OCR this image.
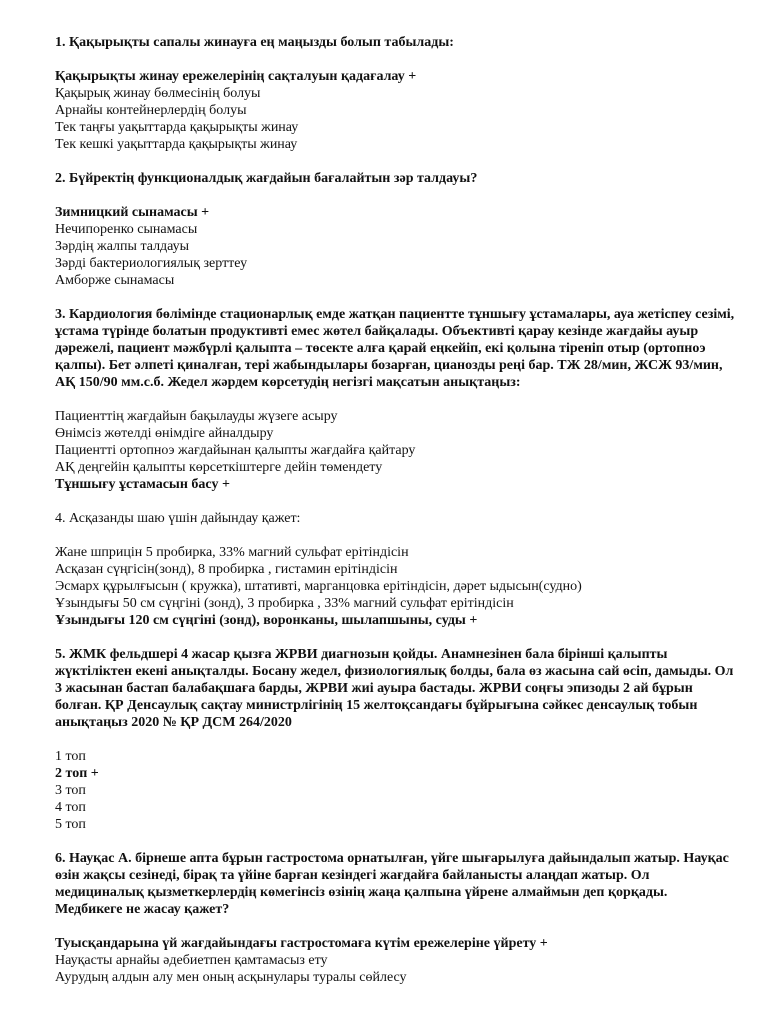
1. Қақырықты сапалы жинауға ең маңызды болып табылады:
Қақырықты жинау ережелерінің сақталуын қадағалау +
Қақырық жинау бөлмесінің болуы
Арнайы контейнерлердің болуы
Тек таңғы уақыттарда қақырықты жинау
Тек кешкі уақыттарда қақырықты жинау
2. Бүйректің функционалдық жағдайын бағалайтын зәр талдауы?
Зимницкий сынамасы +
Нечипоренко сынамасы
Зәрдің жалпы талдауы
Зәрді бактериологиялық зерттеу
Амборже сынамасы
3. Кардиология бөлімінде стационарлық емде жатқан пациентте тұншығу ұстамалары, ауа жетіспеу сезімі, ұстама түрінде болатын продуктивті емес жөтел байқалады. Объективті қарау кезінде жағдайы ауыр дәрежелі, пациент мәжбүрлі қалыпта – төсекте алға қарай еңкейіп, екі қолына тіреніп отыр (ортопноэ қалпы). Бет әлпеті қиналған, тері жабындылары бозарған, цианозды реңі бар. ТЖ 28/мин, ЖСЖ 93/мин, АҚ 150/90 мм.с.б. Жедел жәрдем көрсетудің негізгі мақсатын анықтаңыз:
Пациенттің жағдайын бақылауды жүзеге асыру
Өнімсіз жөтелді өнімдіге айналдыру
Пациентті ортопноэ жағдайынан қалыпты жағдайға қайтару
АҚ деңгейін қалыпты көрсеткіштерге дейін төмендету
Тұншығу ұстамасын басу +
4. Асқазанды шаю үшін дайындау қажет:
Жане шприцін 5 пробирка, 33% магний сульфат ерітіндісін
Асқазан сүңгісін(зонд), 8 пробирка , гистамин ерітіндісін
Эсмарх құрылғысын ( кружка), штативті, марганцовка ерітіндісін, дәрет ыдысын(судно)
Ұзындығы 50 см сүңгіні (зонд), 3 пробирка , 33% магний сульфат ерітіндісін
Ұзындығы 120 см сүңгіні (зонд), воронканы, шылапшыны, суды +
5. ЖМК фельдшері 4 жасар қызға ЖРВИ диагнозын қойды. Анамнезінен бала бірінші қалыпты жүктіліктен екені анықталды. Босану жедел, физиологиялық болды, бала өз жасына сай өсіп, дамыды. Ол 3 жасынан бастап балабақшаға барды, ЖРВИ жиі ауыра бастады. ЖРВИ соңғы эпизоды 2 ай бұрын болған. ҚР Денсаулық сақтау министрлігінің 15 желтоқсандағы бұйрығына сәйкес денсаулық тобын анықтаңыз 2020 № ҚР ДСМ 264/2020
1 топ
2 топ +
3 топ
4 топ
5 топ
6. Науқас А. бірнеше апта бұрын гастростома орнатылған, үйге шығарылуға дайындалып жатыр. Науқас өзін жақсы сезінеді, бірақ та үйіне барған кезіндегі жағдайға байланысты алаңдап жатыр. Ол медициналық қызметкерлердің көмегінсіз өзінің жаңа қалпына үйрене алмаймын деп қорқады. Медбикеге не жасау қажет?
Туысқандарына үй жағдайындағы гастростомаға күтім ережелеріне үйрету +
Науқасты арнайы әдебиетпен қамтамасыз ету
Аурудың алдын алу мен оның асқынулары туралы сөйлесу
